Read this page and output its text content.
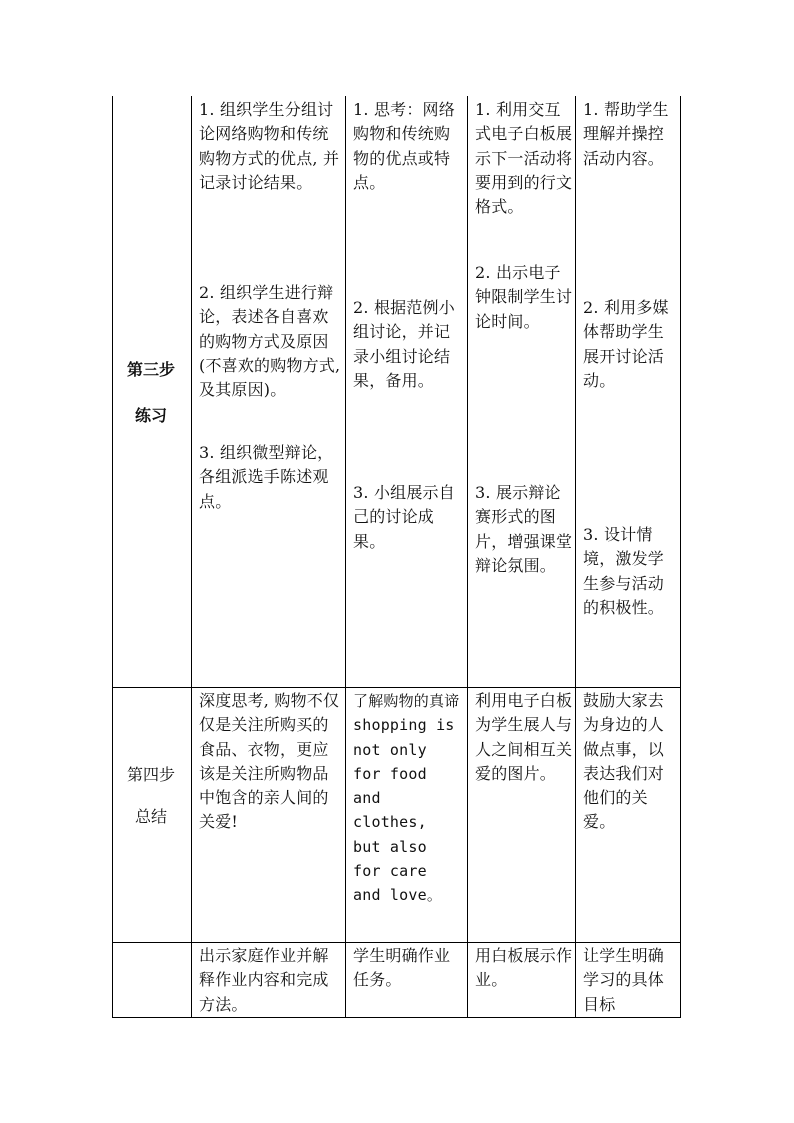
第三步
练习
1. 组织学生分组讨论网络购物和传统购物方式的优点, 并记录讨论结果。
2. 组织学生进行辩论，表述各自喜欢的购物方式及原因(不喜欢的购物方式,及其原因)。
3. 组织微型辩论，各组派选手陈述观点。
1. 思考：网络购物和传统购物的优点或特点。
2. 根据范例小组讨论，并记录小组讨论结果，备用。
3. 小组展示自己的讨论成果。
1. 利用交互式电子白板展示下一活动将要用到的行文格式。
2. 出示电子钟限制学生讨论时间。
3. 展示辩论 赛形式的图片，增强课堂辩论氛围。
1. 帮助学生理解并操控活动内容。
2. 利用多媒体帮助学生展开讨论活动。
3. 设计情境，激发学生参与活动的积极性。
第四步
总结
深度思考, 购物不仅仅是关注所购买的食品、衣物，更应该是关注所购物品中饱含的亲人间的关爱!
了解购物的真谛 shopping is not only for food and clothes, but also for care and love。
利用电子白板为学生展人与人之间相互关爱的图片。
鼓励大家去为身边的人做点事，以表达我们对他们的关爱。
出示家庭作业并解释作业内容和完成方法。
学生明确作业任务。
用白板展示作业。
让学生明确学习的具体目标
